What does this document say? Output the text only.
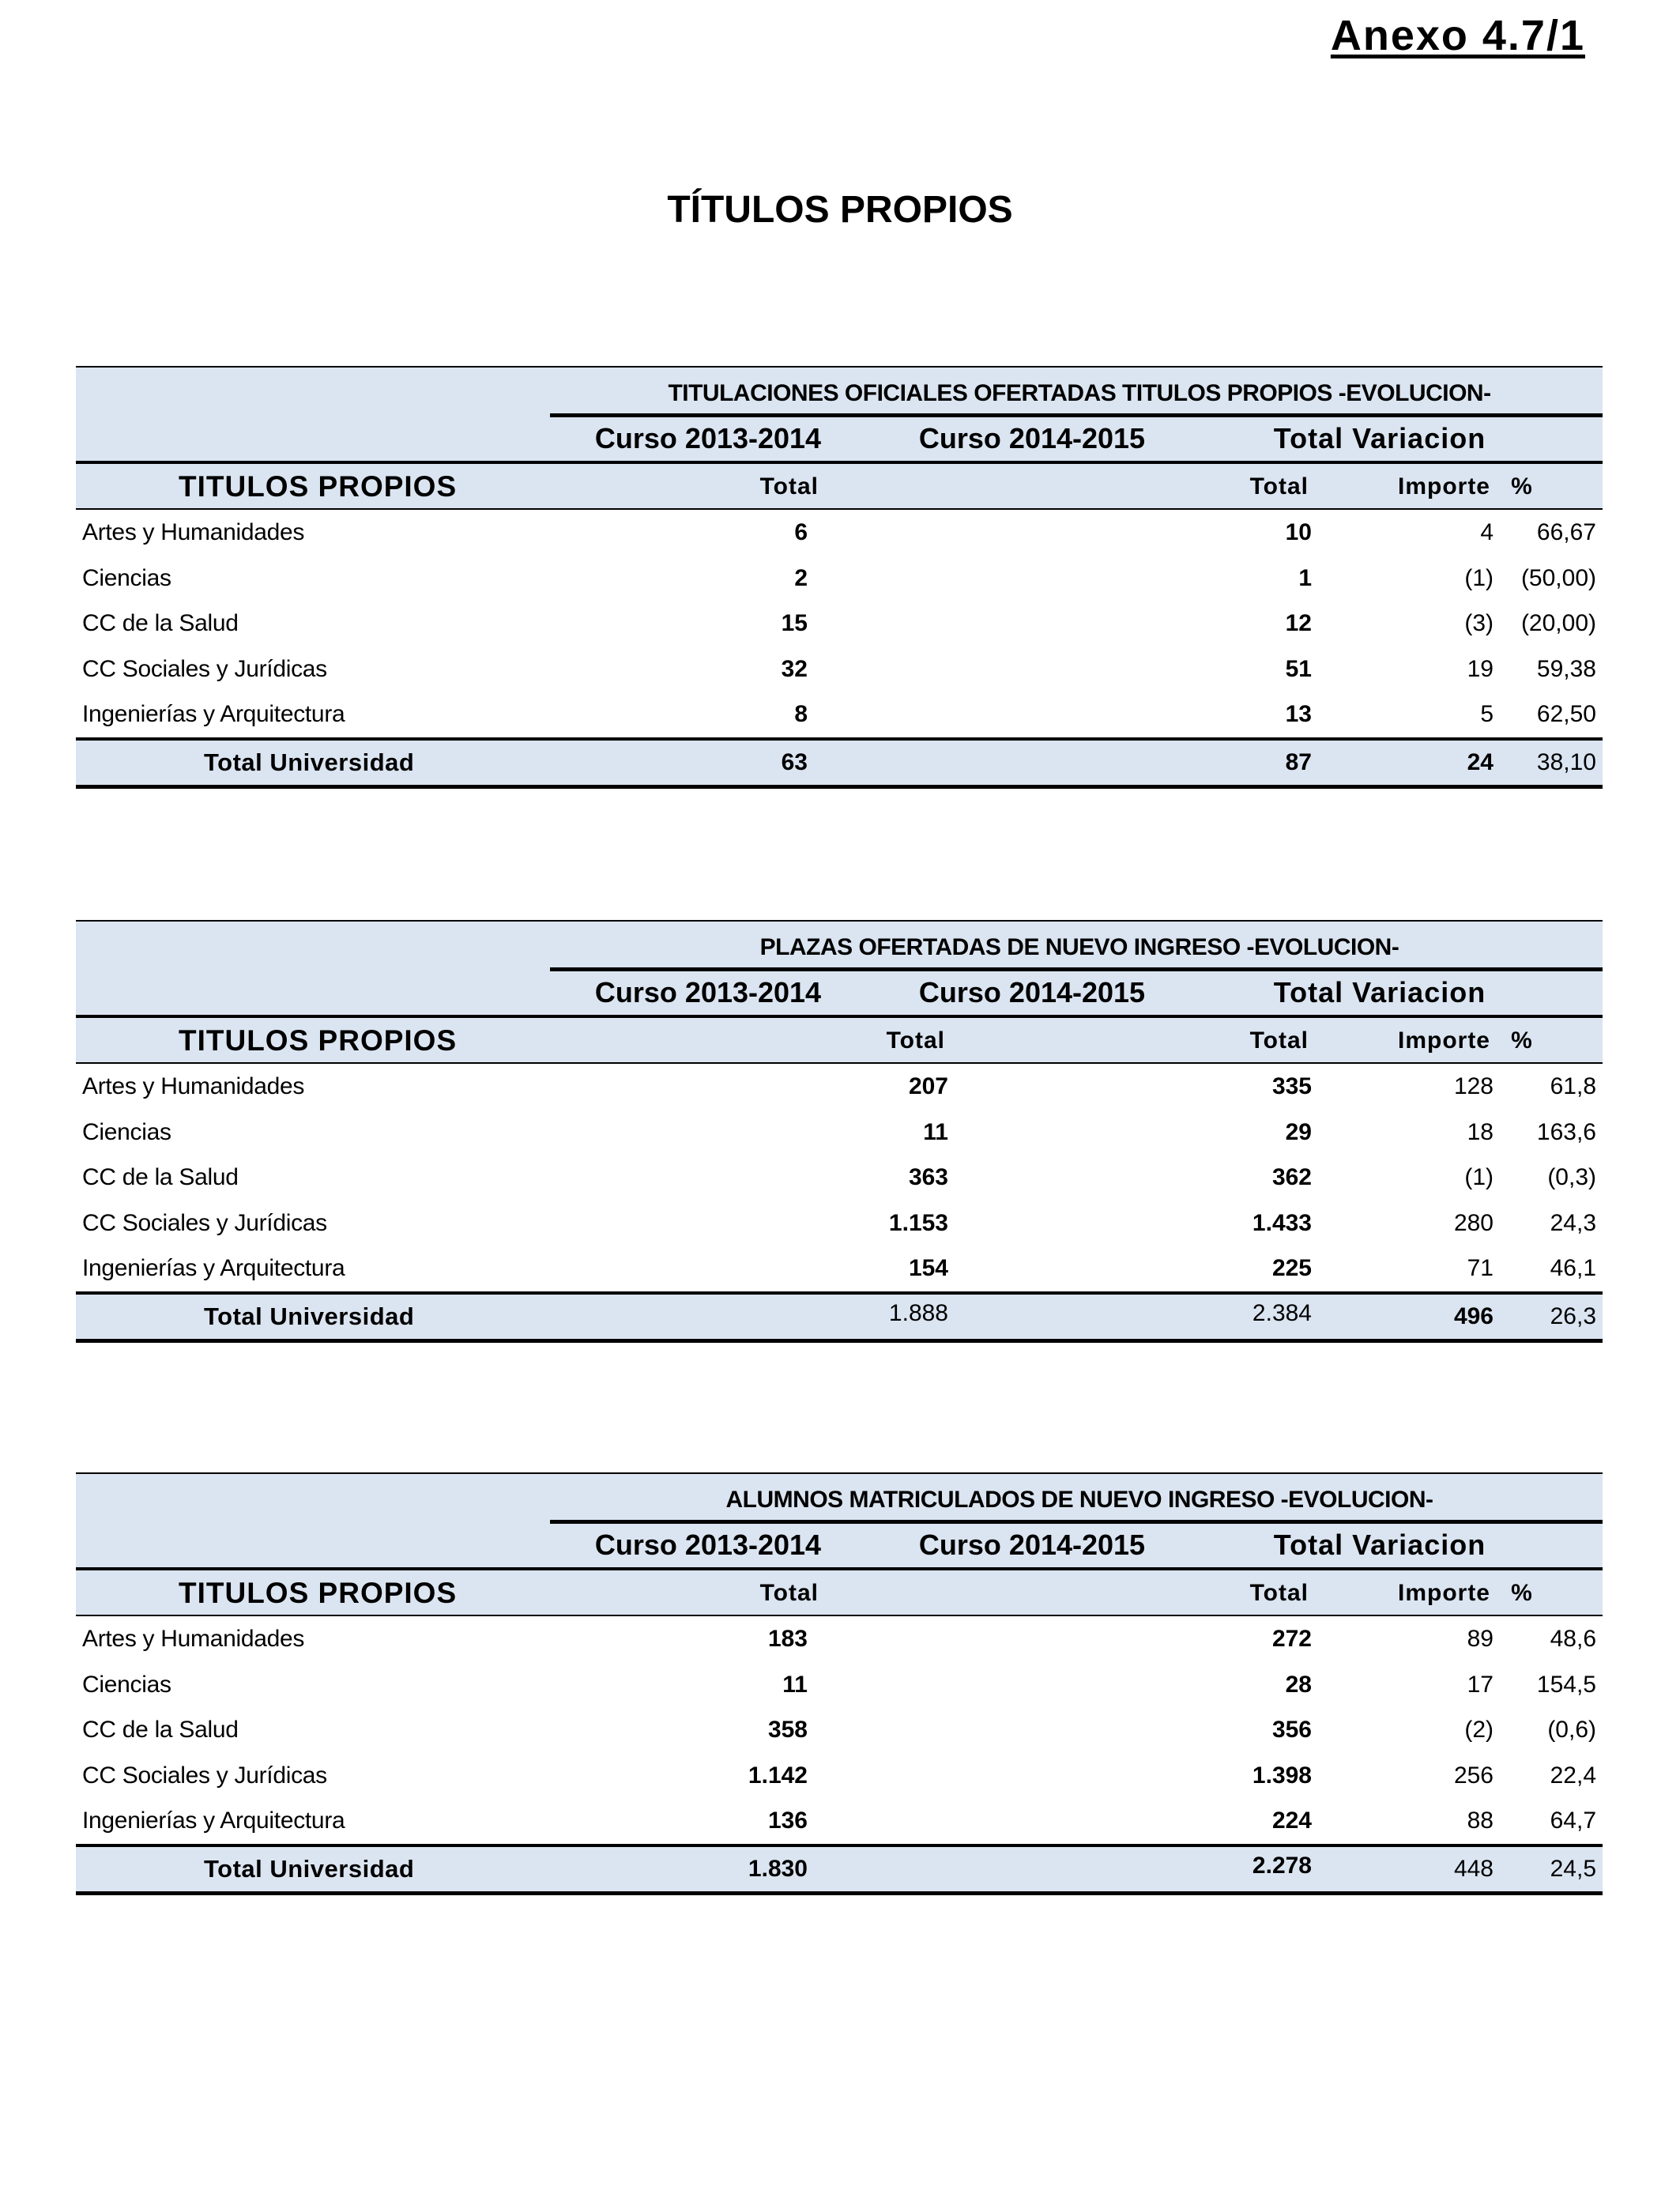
Anexo 4.7/1
TÍTULOS PROPIOS
TITULACIONES OFICIALES OFERTADAS TITULOS PROPIOS -EVOLUCION-
Curso 2013-2014	Curso 2014-2015	Total Variacion
TITULOS PROPIOS	Total	Total	Importe %
Artes y Humanidades	6	10	4	66,67
Ciencias	2	1	(1)	(50,00)
CC de la Salud	15	12	(3)	(20,00)
CC Sociales y Jurídicas	32	51	19	59,38
Ingenierías y Arquitectura	8	13	5	62,50
Total Universidad	63	87	24	38,10
PLAZAS OFERTADAS DE NUEVO INGRESO -EVOLUCION-
Curso 2013-2014	Curso 2014-2015	Total Variacion
TITULOS PROPIOS	Total	Total	Importe %
Artes y Humanidades	207	335	128	61,8
Ciencias	11	29	18	163,6
CC de la Salud	363	362	(1)	(0,3)
CC Sociales y Jurídicas	1.153	1.433	280	24,3
Ingenierías y Arquitectura	154	225	71	46,1
Total Universidad	1.888	2.384	496	26,3
ALUMNOS MATRICULADOS DE NUEVO INGRESO -EVOLUCION-
Curso 2013-2014	Curso 2014-2015	Total Variacion
TITULOS PROPIOS	Total	Total	Importe %
Artes y Humanidades	183	272	89	48,6
Ciencias	11	28	17	154,5
CC de la Salud	358	356	(2)	(0,6)
CC Sociales y Jurídicas	1.142	1.398	256	22,4
Ingenierías y Arquitectura	136	224	88	64,7
Total Universidad	1.830	2.278	448	24,5
